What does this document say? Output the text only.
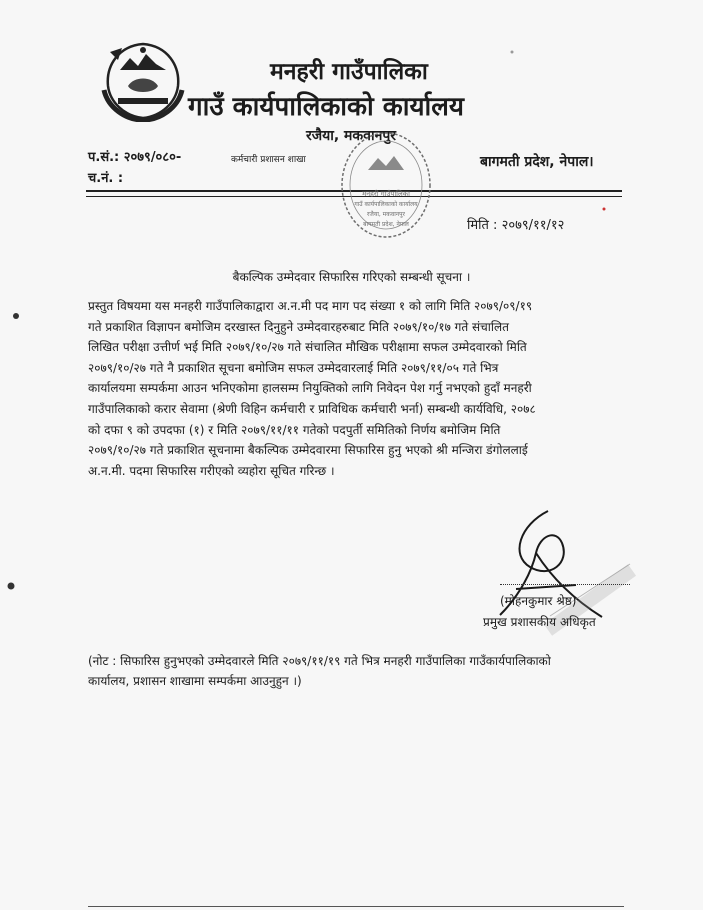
मनहरी गाउँपालिका
गाउँ कार्यपालिकाको कार्यालय
रजैया, मकवानपुर
प.सं.: २०७९/०८०-
च.नं. :
कर्मचारी प्रशासन शाखा	बागमती प्रदेश, नेपाल।
मनहरी गाउँपालिका
गाउँ कार्यपालिकाको कार्यालय
रजैया, मकवानपुर
बागमती प्रदेश, नेपाल	मिति : २०७९/११/१२
बैकल्पिक उम्मेदवार सिफारिस गरिएको सम्बन्धी सूचना ।
प्रस्तुत विषयमा यस मनहरी गाउँपालिकाद्वारा अ.न.मी पद माग पद संख्या १ को लागि मिति २०७९/०९/१९
गते प्रकाशित विज्ञापन बमोजिम दरखास्त दिनुहुने उम्मेदवारहरुबाट मिति २०७९/१०/१७ गते संचालित
लिखित परीक्षा उत्तीर्ण भई मिति २०७९/१०/२७ गते संचालित मौखिक परीक्षामा सफल उम्मेदवारको मिति
२०७९/१०/२७ गते नै प्रकाशित सूचना बमोजिम सफल उम्मेदवारलाई मिति २०७९/११/०५ गते भित्र
कार्यालयमा सम्पर्कमा आउन भनिएकोमा हालसम्म नियुक्तिको लागि निवेदन पेश गर्नु नभएको हुदाँ मनहरी
गाउँपालिकाको करार सेवामा (श्रेणी विहिन कर्मचारी र प्राविधिक कर्मचारी भर्ना) सम्बन्धी कार्यविधि, २०७८
को दफा ९ को उपदफा (१) र मिति २०७९/११/११ गतेको पदपुर्ती समितिको निर्णय बमोजिम मिति
२०७९/१०/२७ गते प्रकाशित सूचनामा बैकल्पिक उम्मेदवारमा सिफारिस हुनु भएको श्री मन्जिरा डंगोललाई
अ.न.मी. पदमा सिफारिस गरीएको व्यहोरा सूचित गरिन्छ ।
(मोहनकुमार श्रेष्ठ)
प्रमुख प्रशासकीय अधिकृत
(नोट : सिफारिस हुनुभएको उम्मेदवारले मिति २०७९/११/१९ गते भित्र मनहरी गाउँपालिका गाउँकार्यपालिकाको
कार्यालय, प्रशासन शाखामा सम्पर्कमा आउनुहुन ।)
